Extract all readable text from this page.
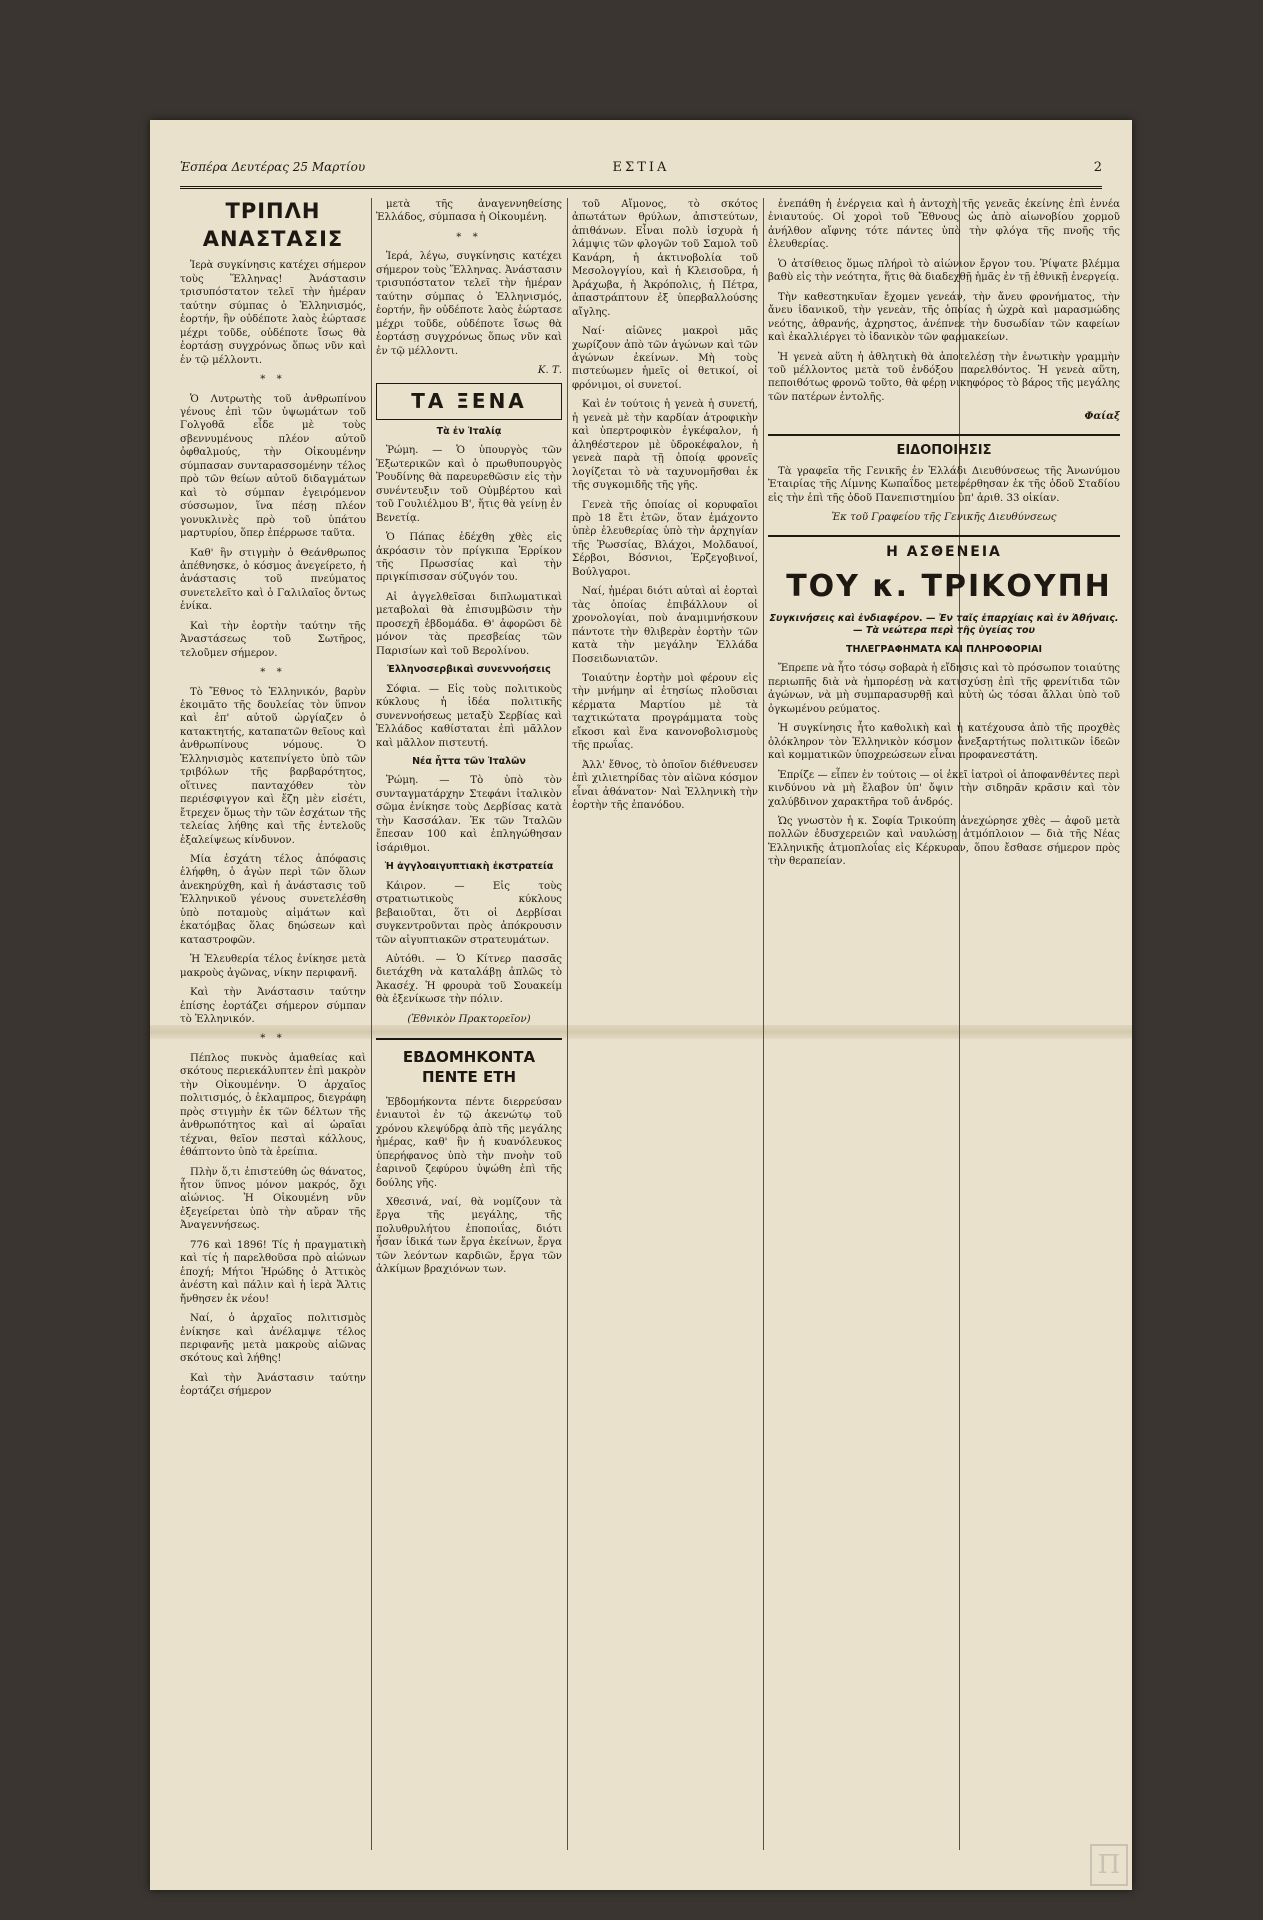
Ἑσπέρα Δευτέρας 25 Μαρτίου	ΕΣΤΙΑ	2

ΤΡΙΠΛΗ ΑΝΑΣΤΑΣΙΣ

Ἱερὰ συγκίνησις κατέχει σήμερον τοὺς Ἕλληνας! Ἀνάστασιν τρισυπόστατον τελεῖ τὴν ἡμέραν ταύτην σύμπας ὁ Ἑλληνισμός, ἑορτήν, ἣν οὐδέποτε λαὸς ἑώρτασε μέχρι τοῦδε, οὐδέποτε ἴσως θὰ ἑορτάσῃ συγχρόνως ὅπως νῦν καὶ ἐν τῷ μέλλοντι.

* *

Ὁ Λυτρωτὴς τοῦ ἀνθρωπίνου γένους ἐπὶ τῶν ὑψωμάτων τοῦ Γολγοθᾶ εἶδε μὲ τοὺς σβεννυμένους πλέον αὐτοῦ ὀφθαλμούς, τὴν Οἰκουμένην σύμπασαν συνταρασσομένην τέλος πρὸ τῶν θείων αὐτοῦ διδαγμάτων καὶ τὸ σύμπαν ἐγειρόμενον σύσσωμον, ἵνα πέσῃ πλέον γονυκλινὲς πρὸ τοῦ ὑπάτου μαρτυρίου, ὅπερ ἐπέρρωσε ταῦτα.

Καθ' ἣν στιγμὴν ὁ Θεάνθρωπος ἀπέθνησκε, ὁ κόσμος ἀνεγείρετο, ἡ ἀνάστασις τοῦ πνεύματος συνετελεῖτο καὶ ὁ Γαλιλαῖος ὄντως ἐνίκα.

Καὶ τὴν ἑορτὴν ταύτην τῆς Ἀναστάσεως τοῦ Σωτῆρος, τελοῦμεν σήμερον.

* *

Τὸ Ἔθνος τὸ Ἑλληνικόν, βαρὺν ἐκοιμᾶτο τῆς δουλείας τὸν ὕπνον καὶ ἐπ' αὐτοῦ ὠργίαζεν ὁ κατακτητής, καταπατῶν θεῖους καὶ ἀνθρωπίνους νόμους. Ὁ Ἑλληνισμὸς κατεπνίγετο ὑπὸ τῶν τριβόλων τῆς βαρβαρότητος, οἵτινες πανταχόθεν τὸν περιέσφιγγον καὶ ἔζη μὲν εἰσέτι, ἔτρεχεν ὅμως τὴν τῶν ἐσχάτων τῆς τελείας λήθης καὶ τῆς ἐντελοῦς ἐξαλείψεως κίνδυνον.

Μία ἐσχάτη τέλος ἀπόφασις ἐλήφθη, ὁ ἀγὼν περὶ τῶν ὅλων ἀνεκηρύχθη, καὶ ἡ ἀνάστασις τοῦ Ἑλληνικοῦ γένους συνετελέσθη ὑπὸ ποταμοὺς αἱμάτων καὶ ἑκατόμβας ὅλας δηώσεων καὶ καταστροφῶν.

Ἡ Ἐλευθερία τέλος ἐνίκησε μετὰ μακροὺς ἀγῶνας, νίκην περιφανῆ.

Καὶ τὴν Ἀνάστασιν ταύτην ἐπίσης ἑορτάζει σήμερον σύμπαν τὸ Ἑλληνικόν.

* *

Πέπλος πυκνὸς ἀμαθείας καὶ σκότους περιεκάλυπτεν ἐπὶ μακρὸν τὴν Οἰκουμένην. Ὁ ἀρχαῖος πολιτισμός, ὁ ἐκλαμπρος, διεγράφη πρὸς στιγμὴν ἐκ τῶν δέλτων τῆς ἀνθρωπότητος καὶ αἱ ὡραῖαι τέχναι, θεῖον πεσταὶ κάλλους, ἐθάπτοντο ὑπὸ τὰ ἐρείπια.

Πλὴν ὅ,τι ἐπιστεύθη ὡς θάνατος, ἦτον ὕπνος μόνον μακρός, ὄχι αἰώνιος. Ἡ Οἰκουμένη νῦν ἐξεγείρεται ὑπὸ τὴν αὔραν τῆς Ἀναγεννήσεως.

776 καὶ 1896! Τίς ἡ πραγματικὴ καὶ τίς ἡ παρελθοῦσα πρὸ αἰώνων ἐποχή; Μήτοι Ἡρώδης ὁ Ἀττικὸς ἀνέστη καὶ πάλιν καὶ ἡ ἱερὰ Ἄλτις ἤνθησεν ἐκ νέου!

Ναί, ὁ ἀρχαῖος πολιτισμὸς ἐνίκησε καὶ ἀνέλαμψε τέλος περιφανῆς μετὰ μακροὺς αἰῶνας σκότους καὶ λήθης!

Καὶ τὴν Ἀνάστασιν ταύτην ἑορτάζει σήμερον

μετὰ τῆς ἀναγεννηθείσης Ἑλλάδος, σύμπασα ἡ Οἰκουμένη.

* *

Ἱερά, λέγω, συγκίνησις κατέχει σήμερον τοὺς Ἕλληνας. Ἀνάστασιν τρισυπόστατον τελεῖ τὴν ἡμέραν ταύτην σύμπας ὁ Ἑλληνισμός, ἑορτήν, ἣν οὐδέποτε λαὸς ἑώρτασε μέχρι τοῦδε, οὐδέποτε ἴσως θὰ ἑορτάσῃ συγχρόνως ὅπως νῦν καὶ ἐν τῷ μέλλοντι.

Κ. Τ.

ΤΑ ΞΕΝΑ

Τὰ ἐν Ἰταλίᾳ

Ῥώμη. — Ὁ ὑπουργὸς τῶν Ἐξωτερικῶν καὶ ὁ πρωθυπουργὸς Ῥουδίνης θὰ παρευρεθῶσιν εἰς τὴν συνέντευξιν τοῦ Οὐμβέρτου καὶ τοῦ Γουλιέλμου Β', ἥτις θὰ γείνῃ ἐν Βενετίᾳ.

Ὁ Πάπας ἐδέχθη χθὲς εἰς ἀκρόασιν τὸν πρίγκιπα Ἐρρίκον τῆς Πρωσσίας καὶ τὴν πριγκίπισσαν σύζυγόν του.

Αἱ ἀγγελθεῖσαι διπλωματικαὶ μεταβολαὶ θὰ ἐπισυμβῶσιν τὴν προσεχῆ ἑβδομάδα. Θ' ἀφορῶσι δὲ μόνον τὰς πρεσβείας τῶν Παρισίων καὶ τοῦ Βερολίνου.

Ἑλληνοσερβικαὶ συνεννοήσεις

Σόφια. — Εἰς τοὺς πολιτικοὺς κύκλους ἡ ἰδέα πολιτικῆς συνεννοήσεως μεταξὺ Σερβίας καὶ Ἑλλάδος καθίσταται ἐπὶ μᾶλλον καὶ μᾶλλον πιστευτή.

Νέα ἧττα τῶν Ἰταλῶν

Ῥώμη. — Τὸ ὑπὸ τὸν συνταγματάρχην Στεφάνι ἰταλικὸν σῶμα ἐνίκησε τοὺς Δερβίσας κατὰ τὴν Κασσάλαν. Ἐκ τῶν Ἰταλῶν ἔπεσαν 100 καὶ ἐπληγώθησαν ἰσάριθμοι.

Ἡ ἀγγλοαιγυπτιακὴ ἐκστρατεία

Κάιρον. — Εἰς τοὺς στρατιωτικοὺς κύκλους βεβαιοῦται, ὅτι οἱ Δερβίσαι συγκεντροῦνται πρὸς ἀπόκρουσιν τῶν αἰγυπτιακῶν στρατευμάτων.

Αὐτόθι. — Ὁ Κίτνερ πασσᾶς διετάχθη νὰ καταλάβῃ ἀπλῶς τὸ Ἀκασέχ. Ἡ φρουρὰ τοῦ Σουακείμ θὰ ἐξενίκωσε τὴν πόλιν.

(Ἐθνικὸν Πρακτορεῖον)

ΕΒΔΟΜΗΚΟΝΤΑ ΠΕΝΤΕ ΕΤΗ

Ἑβδομήκοντα πέντε διερρεύσαν ἐνιαυτοὶ ἐν τῷ ἀκενώτῳ τοῦ χρόνου κλεψύδρᾳ ἀπὸ τῆς μεγάλης ἡμέρας, καθ' ἣν ἡ κυανόλευκος ὑπερήφανος ὑπὸ τὴν πνοὴν τοῦ ἐαρινοῦ ζεφύρου ὑψώθη ἐπὶ τῆς δούλης γῆς.

Χθεσινά, ναί, θὰ νομίζουν τὰ ἔργα τῆς μεγάλης, τῆς πολυθρυλήτου ἐποποιΐας, διότι ἦσαν ἰδικά των ἔργα ἐκείνων, ἔργα τῶν λεόντων καρδιῶν, ἔργα τῶν ἀλκίμων βραχιόνων των.

τοῦ Αἴμονος, τὸ σκότος ἀπωτάτων θρύλων, ἀπιστεύτων, ἀπιθάνων. Εἶναι πολὺ ἰσχυρὰ ἡ λάμψις τῶν φλογῶν τοῦ Σαμολ τοῦ Κανάρη, ἡ ἀκτινοβολία τοῦ Μεσολογγίου, καὶ ἡ Κλεισοῦρα, ἡ Ἀράχωβα, ἡ Ἀκρόπολις, ἡ Πέτρα, ἀπαστράπτουν ἐξ ὑπερβαλλούσης αἴγλης.

Ναί· αἰῶνες μακροὶ μᾶς χωρίζουν ἀπὸ τῶν ἀγώνων καὶ τῶν ἀγώνων ἐκείνων. Μὴ τοὺς πιστεύωμεν ἡμεῖς οἱ θετικοί, οἱ φρόνιμοι, οἱ συνετοί.

Καὶ ἐν τούτοις ἡ γενεὰ ἡ συνετή, ἡ γενεὰ μὲ τὴν καρδίαν ἀτροφικὴν καὶ ὑπερτροφικὸν ἐγκέφαλον, ἡ ἀληθέστερον μὲ ὑδροκέφαλον, ἡ γενεὰ παρὰ τῇ ὁποίᾳ φρονεῖς λογίζεται τὸ νὰ ταχυνομῆσθαι ἐκ τῆς συγκομιδῆς τῆς γῆς.

Γενεὰ τῆς ὁποίας οἱ κορυφαῖοι πρὸ 18 ἔτι ἐτῶν, ὅταν ἐμάχοντο ὑπὲρ ἐλευθερίας ὑπὸ τὴν ἀρχηγίαν τῆς Ῥωσσίας, Βλάχοι, Μολδαυοί, Σέρβοι, Βόσνιοι, Ἐρζεγοβινοί, Βούλγαροι.

Ναί, ἡμέραι διότι αὐταὶ αἱ ἑορταὶ τὰς ὁποίας ἐπιβάλλουν οἱ χρονολογίαι, ποὺ ἀναμιμνήσκουν πάντοτε τὴν θλιβερὰν ἑορτὴν τῶν κατὰ τὴν μεγάλην Ἑλλάδα Ποσειδωνιατῶν.

Τοιαύτην ἑορτὴν μοὶ φέρουν εἰς τὴν μνήμην αἱ ἐτησίως πλοῦσιαι κέρματα Μαρτίου μὲ τὰ ταχτικώτατα προγράμματα τοὺς εἴκοσι καὶ ἕνα κανονοβολισμοὺς τῆς πρωΐας.

Ἀλλ' ἔθνος, τὸ ὁποῖον διέθνευσεν ἐπὶ χιλιετηρίδας τὸν αἰῶνα κόσμον εἶναι ἀθάνατον· Ναὶ Ἑλληνικὴ τὴν ἑορτὴν τῆς ἐπανόδου.

ἐνεπάθη ἡ ἐνέργεια καὶ ἡ ἀντοχὴ τῆς γενεᾶς ἐκείνης ἐπὶ ἑννέα ἐνιαυτούς. Οἱ χοροὶ τοῦ Ἔθνους ὡς ἀπὸ αἰωνοβίου χορμοῦ ἀνήλθον αἴφνης τότε πάντες ὑπὸ τὴν φλόγα τῆς πνοῆς τῆς ἐλευθερίας.

Ὁ ἀτσίθειος ὅμως πλήροὶ τὸ αἰώνιον ἔργον του. Ῥίψατε βλέμμα βαθὺ εἰς τὴν νεότητα, ἥτις θὰ διαδεχθῇ ἡμᾶς ἐν τῇ ἐθνικῇ ἐνεργείᾳ.

Τὴν καθεστηκυῖαν ἔχομεν γενεάν, τὴν ἄνευ φρονήματος, τὴν ἄνευ ἰδανικοῦ, τὴν γενεὰν, τῆς ὁποίας ἡ ὠχρὰ καὶ μαρασμώδης νεότης, ἀθρανής, ἀχρηστος, ἀνέπνεε τὴν δυσωδίαν τῶν καφείων καὶ ἐκαλλιέργει τὸ ἰδανικὸν τῶν φαρμακείων.

Ἡ γενεὰ αὕτη ἡ ἀθλητικὴ θὰ ἀποτελέσῃ τὴν ἐνωτικὴν γραμμὴν τοῦ μέλλοντος μετὰ τοῦ ἐνδόξου παρελθόντος. Ἡ γενεὰ αὕτη, πεποιθότως φρονῶ τοῦτο, θὰ φέρῃ νικηφόρος τὸ βάρος τῆς μεγάλης τῶν πατέρων ἐντολῆς.

Φαίαξ

ΕΙΔΟΠΟΙΗΣΙΣ

Τὰ γραφεῖα τῆς Γενικῆς ἐν Ἑλλάδι Διευθύνσεως τῆς Ἀνωνύμου Ἑταιρίας τῆς Λίμνης Κωπαΐδος μετεφέρθησαν ἐκ τῆς ὁδοῦ Σταδίου εἰς τὴν ἐπὶ τῆς ὁδοῦ Πανεπιστημίου ὑπ' ἀριθ. 33 οἰκίαν.

Ἐκ τοῦ Γραφείου τῆς Γενικῆς Διευθύνσεως

Η ΑΣΘΕΝΕΙΑ

ΤΟΥ κ. ΤΡΙΚΟΥΠΗ

Συγκινήσεις καὶ ἐνδιαφέρον. — Ἐν ταῖς ἐπαρχίαις καὶ ἐν Ἀθήναις. — Τὰ νεώτερα περὶ τῆς ὑγείας του

ΤΗΛΕΓΡΑΦΗΜΑΤΑ ΚΑΙ ΠΛΗΡΟΦΟΡΙΑΙ

Ἔπρεπε νὰ ἦτο τόσῳ σοβαρὰ ἡ εἴδησις καὶ τὸ πρόσωπον τοιαύτης περιωπῆς διὰ νὰ ἠμπορέσῃ νὰ κατισχύσῃ ἐπὶ τῆς φρενίτιδα τῶν ἀγώνων, νὰ μὴ συμπαρασυρθῇ καὶ αὐτὴ ὡς τόσαι ἄλλαι ὑπὸ τοῦ ὀγκωμένου ρεύματος.

Ἡ συγκίνησις ἦτο καθολικὴ καὶ ἡ κατέχουσα ἀπὸ τῆς προχθὲς ὁλόκληρον τὸν Ἑλληνικὸν κόσμον ἀνεξαρτήτως πολιτικῶν ἰδεῶν καὶ κομματικῶν ὑποχρεώσεων εἶναι προφανεστάτη.

Ἐπρίζε — εἶπεν ἐν τούτοις — οἱ ἐκεῖ ἰατροὶ οἱ ἀποφανθέντες περὶ κινδύνου νὰ μὴ ἔλαβον ὑπ' ὄψιν τὴν σιδηρᾶν κρᾶσιν καὶ τὸν χαλύβδινον χαρακτῆρα τοῦ ἀνδρός.

Ὡς γνωστὸν ἡ κ. Σοφία Τρικούπη ἀνεχώρησε χθὲς — ἀφοῦ μετὰ πολλῶν ἐδυσχερειῶν καὶ ναυλώσῃ ἀτμόπλοιον — διὰ τῆς Νέας Ἑλληνικῆς ἀτμοπλοΐας εἰς Κέρκυραν, ὅπου ἔσθασε σήμερον πρὸς τὴν θεραπείαν.

Π
